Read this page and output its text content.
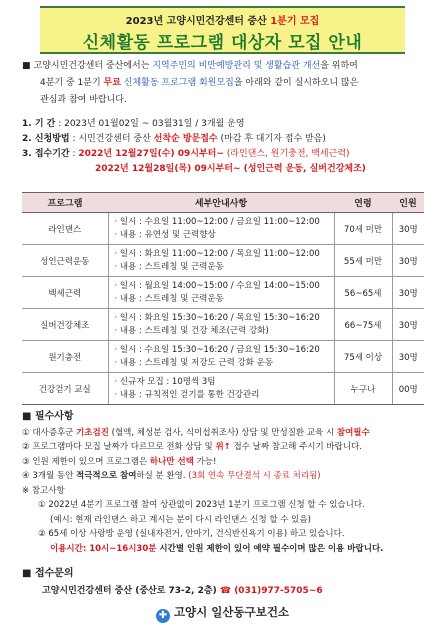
2023년 고양시민건강센터 중산 1분기 모집
신체활동 프로그램 대상자 모집 안내
■ 고양시민건강센터 중산에서는 지역주민의 비만예방관리 및 생활습관 개선을 위하여
4분기 중 1분기 무료 신체활동 프로그램 회원모집을 아래와 같이 실시하오니 많은
관심과 참여 바랍니다.
1. 기 간 : 2023년 01월02일 ~ 03월31일 / 3개월 운영
2. 신청방법 : 시민건강센터 중산 선착순 방문접수 (마감 후 대기자 접수 받음)
3. 접수기간 : 2022년 12월27일(수) 09시부터~ (라인댄스, 원기충전, 백세근력)
2022년 12월28일(목) 09시부터~ (성인근력 운동, 실버건강체조)
프로그램	세부안내사항	연령	인원
라인댄스	· 일시 : 수요일 11:00~12:00 / 금요일 11:00~12:00
· 내용 : 유연성 및 근력향상	70세 미만	30명
성인근력운동	· 일시 : 화요일 11:00~12:00 / 목요일 11:00~12:00
· 내용 : 스트레칭 및 근력운동	55세 미만	30명
백세근력	· 일시 : 월요일 14:00~15:00 / 수요일 14:00~15:00
· 내용 : 스트레칭 및 근력운동	56~65세	30명
실버건강체조	· 일시 : 화요일 15:30~16:20 / 목요일 15:30~16:20
· 내용 : 스트레칭 및 건강 체조(근력 강화)	66~75세	30명
원기충전	· 일시 : 수요일 15:30~16:20 / 금요일 15:30~16:20
· 내용 : 스트레칭 및 저강도 근력 강화 운동	75세 이상	30명
건강걷기 교실	· 신규자 모집 : 10명씩 3팀
· 내용 : 규칙적인 걷기를 통한 건강관리	누구나	00명
■ 필수사항
① 대사증후군 기초검진 (혈액, 체성분 검사, 식이섭취조사) 상담 및 만성질환 교육 시 참여필수
② 프로그램마다 모집 날짜가 다르므로 전화 상담 및 위↑ 접수 날짜 참고해 주시기 바랍니다.
③ 인원 제한이 있으며 프로그램은 하나만 선택 가능!
④ 3개월 동안 적극적으로 참여하실 분 환영. (3회 연속 무단결석 시 종료 처리됨)
※ 참고사항
① 2022년 4분기 프로그램 참여 상관없이 2023년 1분기 프로그램 신청 할 수 있습니다.
(예시: 현재 라인댄스 하고 계시는 분이 다시 라인댄스 신청 할 수 있음)
② 65세 이상 사랑방 운영 (실내자전거, 안마기, 건식반신욕기 이용) 하고 있습니다.
이용시간: 10시~16시30분 시간별 인원 제한이 있어 예약 필수이며 많은 이용 바랍니다.
■ 접수문의
고양시민건강센터 중산 (중산로 73-2, 2층) ☎ (031)977-5705~6
✚ 고양시 일산동구보건소
